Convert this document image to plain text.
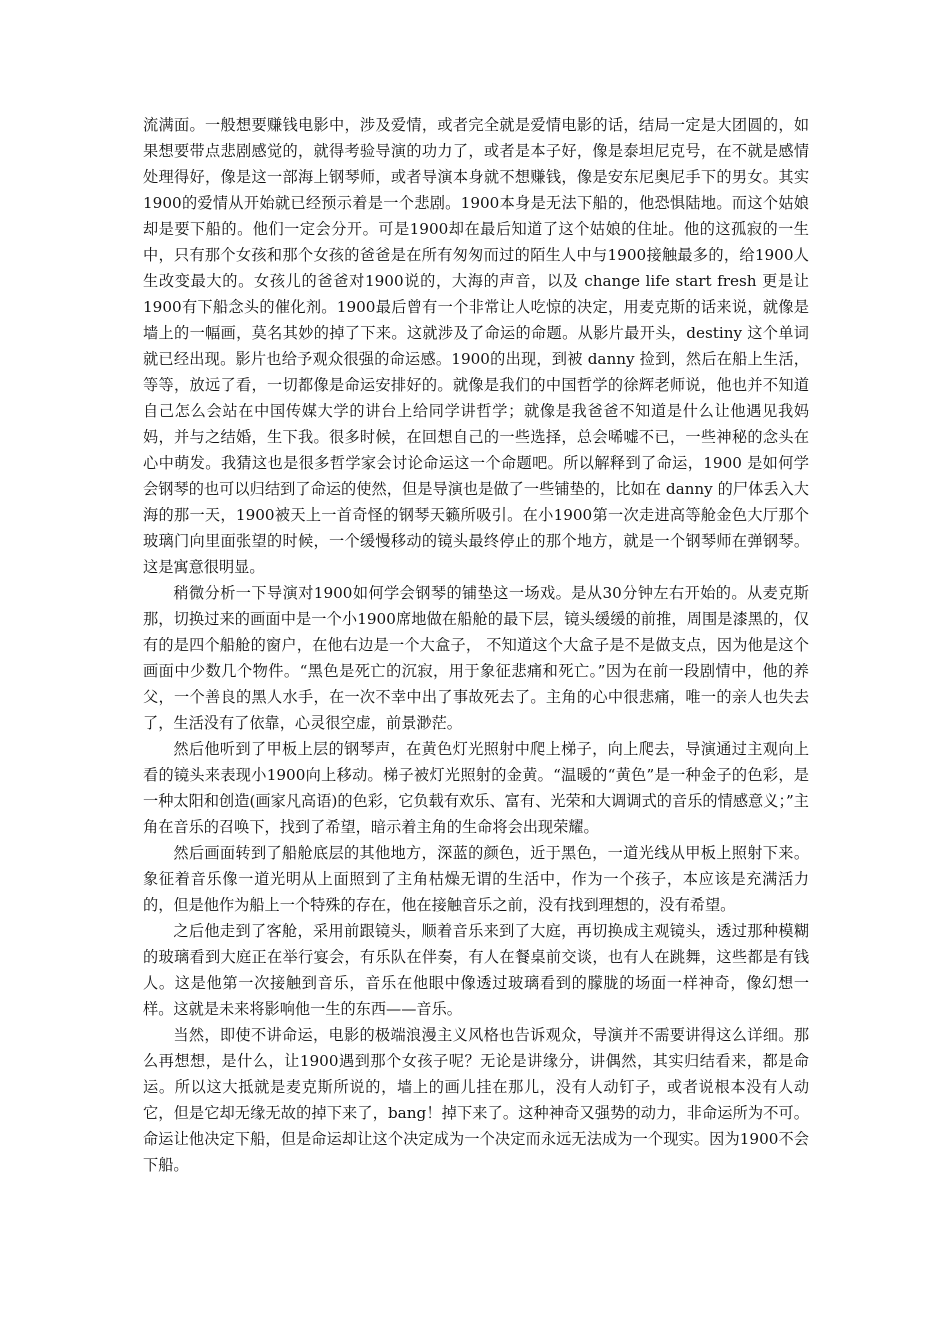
流满面。一般想要赚钱电影中，涉及爱情，或者完全就是爱情电影的话，结局一定是大团圆的，如果想要带点悲剧感觉的，就得考验导演的功力了，或者是本子好，像是泰坦尼克号，在不就是感情处理得好，像是这一部海上钢琴师，或者导演本身就不想赚钱，像是安东尼奥尼手下的男女。其实1900的爱情从开始就已经预示着是一个悲剧。1900本身是无法下船的，他恐惧陆地。而这个姑娘却是要下船的。他们一定会分开。可是1900却在最后知道了这个姑娘的住址。他的这孤寂的一生中，只有那个女孩和那个女孩的爸爸是在所有匆匆而过的陌生人中与1900接触最多的，给1900人生改变最大的。女孩儿的爸爸对1900说的，大海的声音，以及 change life start fresh 更是让1900有下船念头的催化剂。1900最后曾有一个非常让人吃惊的决定，用麦克斯的话来说，就像是墙上的一幅画，莫名其妙的掉了下来。这就涉及了命运的命题。从影片最开头，destiny 这个单词就已经出现。影片也给予观众很强的命运感。1900的出现，到被 danny 捡到，然后在船上生活，等等，放远了看，一切都像是命运安排好的。就像是我们的中国哲学的徐辉老师说，他也并不知道自己怎么会站在中国传媒大学的讲台上给同学讲哲学；就像是我爸爸不知道是什么让他遇见我妈妈，并与之结婚，生下我。很多时候，在回想自己的一些选择，总会唏嘘不已，一些神秘的念头在心中萌发。我猜这也是很多哲学家会讨论命运这一个命题吧。所以解释到了命运，1900 是如何学会钢琴的也可以归结到了命运的使然，但是导演也是做了一些铺垫的，比如在 danny 的尸体丢入大海的那一天，1900被天上一首奇怪的钢琴天籁所吸引。在小1900第一次走进高等舱金色大厅那个玻璃门向里面张望的时候，一个缓慢移动的镜头最终停止的那个地方，就是一个钢琴师在弹钢琴。这是寓意很明显。

稍微分析一下导演对1900如何学会钢琴的铺垫这一场戏。是从30分钟左右开始的。从麦克斯那，切换过来的画面中是一个小1900席地做在船舱的最下层，镜头缓缓的前推，周围是漆黑的，仅有的是四个船舱的窗户，在他右边是一个大盒子， 不知道这个大盒子是不是做支点，因为他是这个画面中少数几个物件。“黑色是死亡的沉寂，用于象征悲痛和死亡。”因为在前一段剧情中，他的养父，一个善良的黑人水手，在一次不幸中出了事故死去了。主角的心中很悲痛，唯一的亲人也失去了，生活没有了依靠，心灵很空虚，前景渺茫。

然后他听到了甲板上层的钢琴声，在黄色灯光照射中爬上梯子，向上爬去，导演通过主观向上看的镜头来表现小1900向上移动。梯子被灯光照射的金黄。“温暖的“黄色”是一种金子的色彩，是一种太阳和创造(画家凡高语)的色彩，它负载有欢乐、富有、光荣和大调调式的音乐的情感意义；”主角在音乐的召唤下，找到了希望，暗示着主角的生命将会出现荣耀。

然后画面转到了船舱底层的其他地方，深蓝的颜色，近于黑色，一道光线从甲板上照射下来。象征着音乐像一道光明从上面照到了主角枯燥无谓的生活中，作为一个孩子，本应该是充满活力的，但是他作为船上一个特殊的存在，他在接触音乐之前，没有找到理想的，没有希望。

之后他走到了客舱，采用前跟镜头，顺着音乐来到了大庭，再切换成主观镜头，透过那种模糊的玻璃看到大庭正在举行宴会，有乐队在伴奏，有人在餐桌前交谈，也有人在跳舞，这些都是有钱人。这是他第一次接触到音乐，音乐在他眼中像透过玻璃看到的朦胧的场面一样神奇，像幻想一样。这就是未来将影响他一生的东西——音乐。

当然，即使不讲命运，电影的极端浪漫主义风格也告诉观众，导演并不需要讲得这么详细。那么再想想，是什么，让1900遇到那个女孩子呢？无论是讲缘分，讲偶然，其实归结看来，都是命运。所以这大抵就是麦克斯所说的，墙上的画儿挂在那儿，没有人动钉子，或者说根本没有人动它，但是它却无缘无故的掉下来了，bang！掉下来了。这种神奇又强势的动力，非命运所为不可。命运让他决定下船，但是命运却让这个决定成为一个决定而永远无法成为一个现实。因为1900不会下船。
